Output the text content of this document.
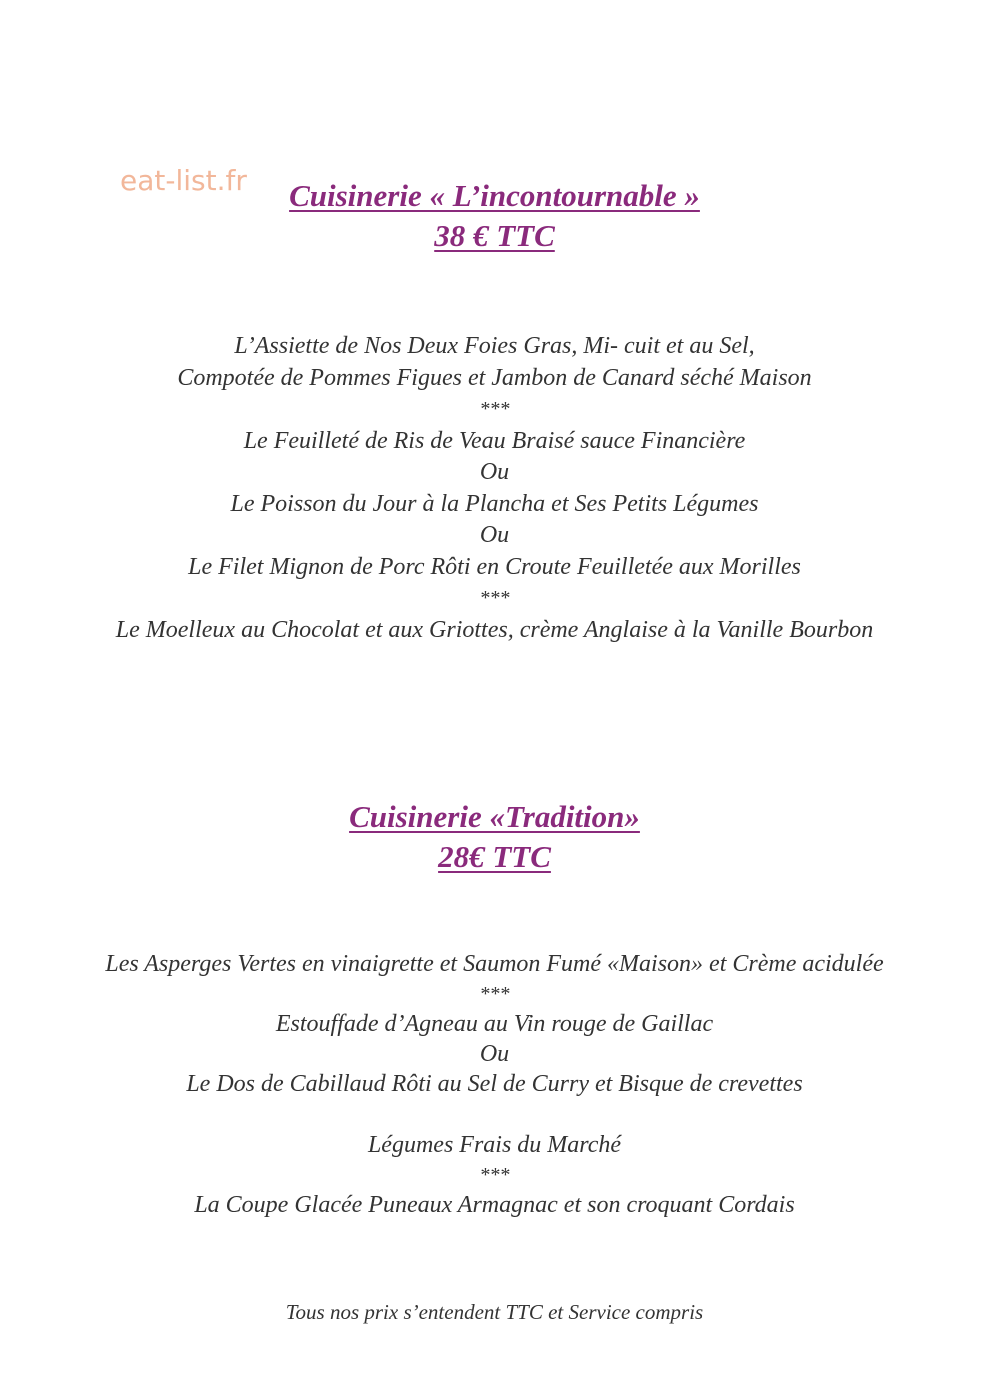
eat-list.fr	Cuisinerie « L’incontournable »
38 € TTC
L’Assiette de Nos Deux Foies Gras, Mi- cuit et au Sel,
Compotée de Pommes Figues et Jambon de Canard séché Maison
***
Le Feuilleté de Ris de Veau Braisé sauce Financière
Ou
Le Poisson du Jour à la Plancha et Ses Petits Légumes
Ou
Le Filet Mignon de Porc Rôti en Croute Feuilletée aux Morilles
***
Le Moelleux au Chocolat et aux Griottes, crème Anglaise à la Vanille Bourbon
Cuisinerie «Tradition»
28€ TTC
Les Asperges Vertes en vinaigrette et Saumon Fumé «Maison» et Crème acidulée
***
Estouffade d’Agneau au Vin rouge de Gaillac
Ou
Le Dos de Cabillaud Rôti au Sel de Curry et Bisque de crevettes
Légumes Frais du Marché
***
La Coupe Glacée Puneaux Armagnac et son croquant Cordais
Tous nos prix s’entendent TTC et Service compris
